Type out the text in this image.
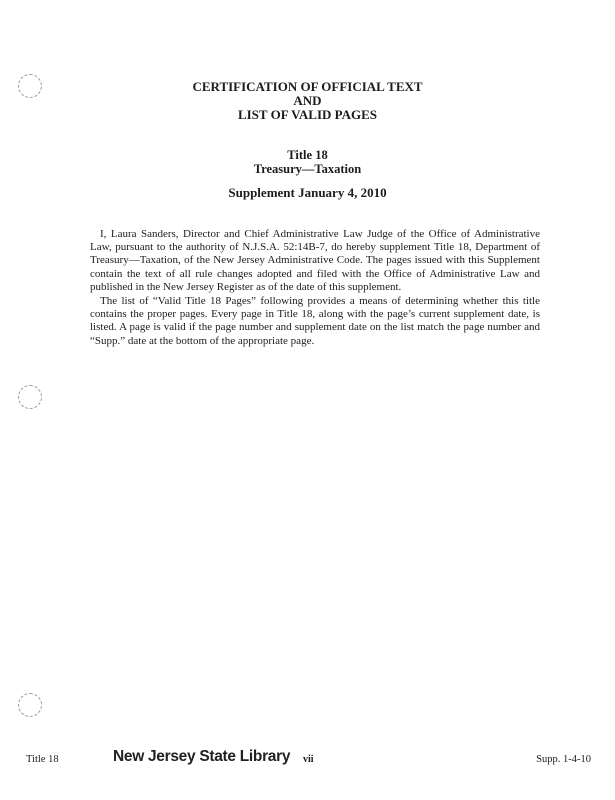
CERTIFICATION OF OFFICIAL TEXT
AND
LIST OF VALID PAGES
Title 18
Treasury—Taxation
Supplement January 4, 2010

I, Laura Sanders, Director and Chief Administrative Law Judge of the Office of Administrative Law, pursuant to the authority of N.J.S.A. 52:14B-7, do hereby supplement Title 18, Department of Treasury—Taxation, of the New Jersey Administrative Code. The pages issued with this Supplement contain the text of all rule changes adopted and filed with the Office of Administrative Law and published in the New Jersey Register as of the date of this supplement.

The list of “Valid Title 18 Pages” following provides a means of determining whether this title contains the proper pages. Every page in Title 18, along with the page’s current supplement date, is listed. A page is valid if the page number and supplement date on the list match the page number and “Supp.” date at the bottom of the appropriate page.

Title 18	New Jersey State Library vii	Supp. 1-4-10
